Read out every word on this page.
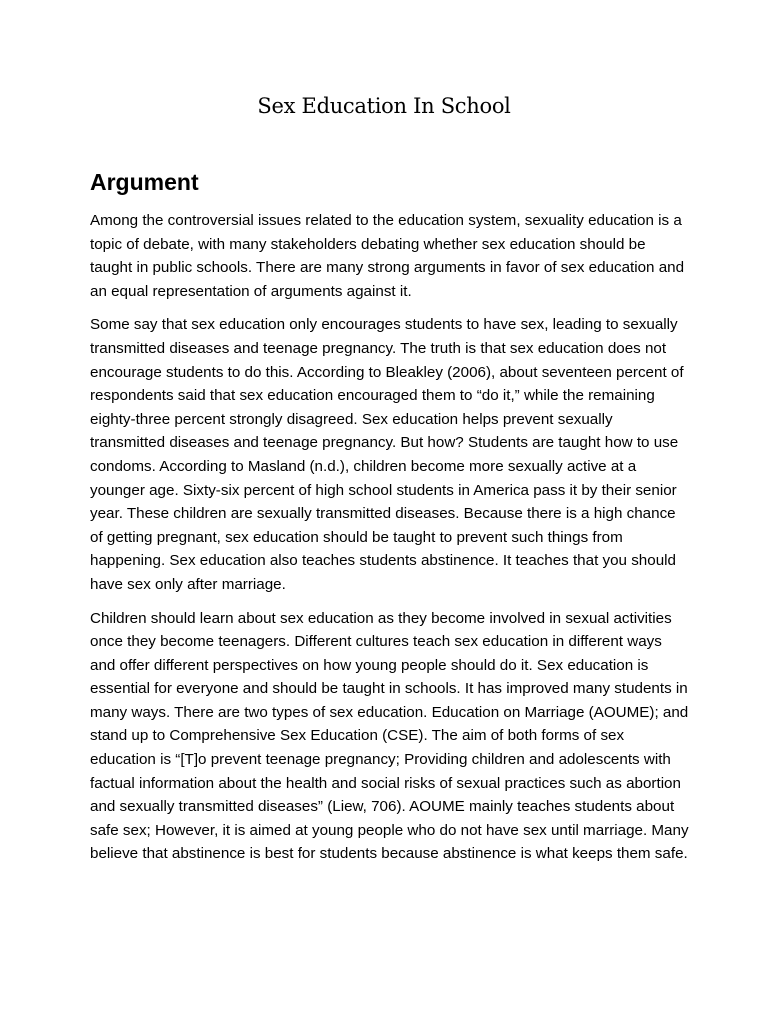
Sex Education In School
Argument

Among the controversial issues related to the education system, sexuality education is a topic of debate, with many stakeholders debating whether sex education should be taught in public schools. There are many strong arguments in favor of sex education and an equal representation of arguments against it.

Some say that sex education only encourages students to have sex, leading to sexually transmitted diseases and teenage pregnancy. The truth is that sex education does not encourage students to do this. According to Bleakley (2006), about seventeen percent of respondents said that sex education encouraged them to “do it,” while the remaining eighty-three percent strongly disagreed. Sex education helps prevent sexually transmitted diseases and teenage pregnancy. But how? Students are taught how to use condoms. According to Masland (n.d.), children become more sexually active at a younger age. Sixty-six percent of high school students in America pass it by their senior year. These children are sexually transmitted diseases. Because there is a high chance of getting pregnant, sex education should be taught to prevent such things from happening. Sex education also teaches students abstinence. It teaches that you should have sex only after marriage.

Children should learn about sex education as they become involved in sexual activities once they become teenagers. Different cultures teach sex education in different ways and offer different perspectives on how young people should do it. Sex education is essential for everyone and should be taught in schools. It has improved many students in many ways. There are two types of sex education. Education on Marriage (AOUME); and stand up to Comprehensive Sex Education (CSE). The aim of both forms of sex education is “[T]o prevent teenage pregnancy; Providing children and adolescents with factual information about the health and social risks of sexual practices such as abortion and sexually transmitted diseases” (Liew, 706). AOUME mainly teaches students about safe sex; However, it is aimed at young people who do not have sex until marriage. Many believe that abstinence is best for students because abstinence is what keeps them safe.
